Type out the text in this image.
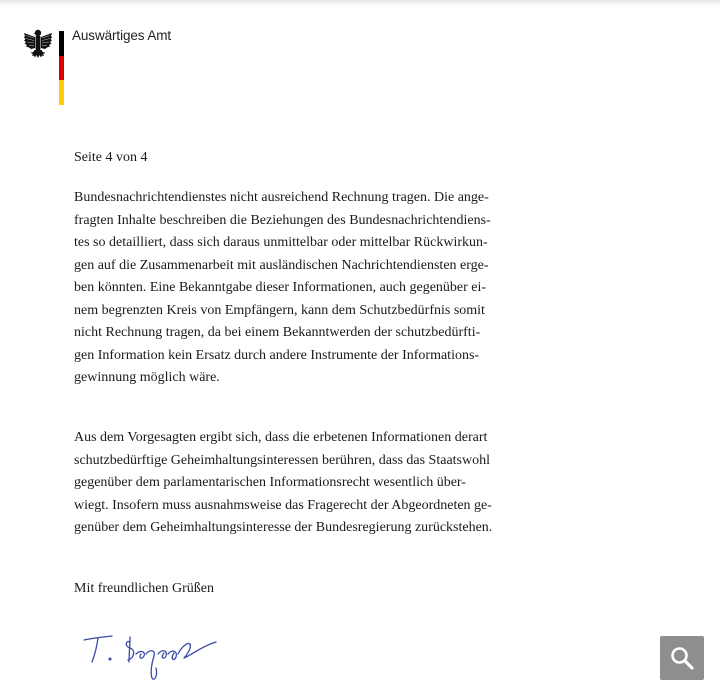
Auswärtiges Amt
Seite 4 von 4

Bundesnachrichtendienstes nicht ausreichend Rechnung tragen. Die ange-
fragten Inhalte beschreiben die Beziehungen des Bundesnachrichtendiens-
tes so detailliert, dass sich daraus unmittelbar oder mittelbar Rückwirkun-
gen auf die Zusammenarbeit mit ausländischen Nachrichtendiensten erge-
ben könnten. Eine Bekanntgabe dieser Informationen, auch gegenüber ei-
nem begrenzten Kreis von Empfängern, kann dem Schutzbedürfnis somit
nicht Rechnung tragen, da bei einem Bekanntwerden der schutzbedürfti-
gen Information kein Ersatz durch andere Instrumente der Informations-
gewinnung möglich wäre.

Aus dem Vorgesagten ergibt sich, dass die erbetenen Informationen derart
schutzbedürftige Geheimhaltungsinteressen berühren, dass das Staatswohl
gegenüber dem parlamentarischen Informationsrecht wesentlich über-
wiegt. Insofern muss ausnahmsweise das Fragerecht der Abgeordneten ge-
genüber dem Geheimhaltungsinteresse der Bundesregierung zurückstehen.

Mit freundlichen Grüßen
